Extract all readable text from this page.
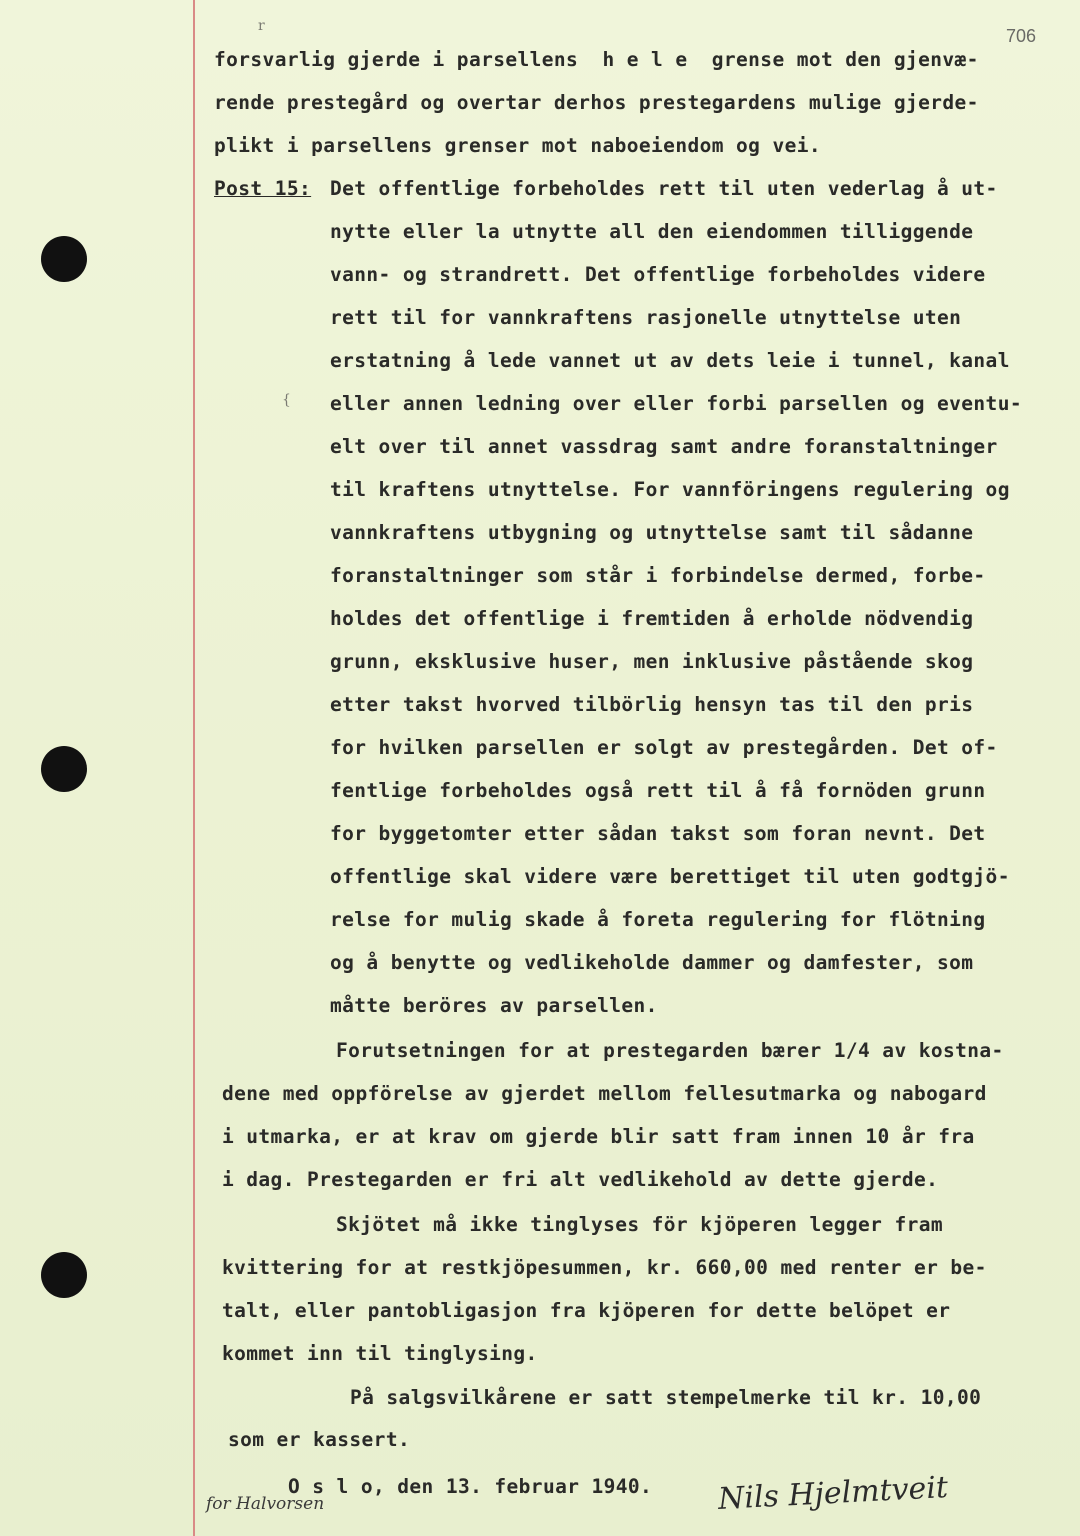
706
r
{
forsvarlig gjerde i parsellens  h e l e  grense mot den gjenvæ-
rende prestegård og overtar derhos prestegardens mulige gjerde-
plikt i parsellens grenser mot naboeiendom og vei.
Post 15: Det offentlige forbeholdes rett til uten vederlag å ut-
nytte eller la utnytte all den eiendommen tilliggende
vann- og strandrett. Det offentlige forbeholdes videre
rett til for vannkraftens rasjonelle utnyttelse uten
erstatning å lede vannet ut av dets leie i tunnel, kanal
eller annen ledning over eller forbi parsellen og eventu-
elt over til annet vassdrag samt andre foranstaltninger
til kraftens utnyttelse. For vannföringens regulering og
vannkraftens utbygning og utnyttelse samt til sådanne
foranstaltninger som står i forbindelse dermed, forbe-
holdes det offentlige i fremtiden å erholde nödvendig
grunn, eksklusive huser, men inklusive påstående skog
etter takst hvorved tilbörlig hensyn tas til den pris
for hvilken parsellen er solgt av prestegården. Det of-
fentlige forbeholdes også rett til å få fornöden grunn
for byggetomter etter sådan takst som foran nevnt. Det
offentlige skal videre være berettiget til uten godtgjö-
relse for mulig skade å foreta regulering for flötning
og å benytte og vedlikeholde dammer og damfester, som
måtte beröres av parsellen.
Forutsetningen for at prestegarden bærer 1/4 av kostna-
dene med oppförelse av gjerdet mellom fellesutmarka og nabogard
i utmarka, er at krav om gjerde blir satt fram innen 10 år fra
i dag. Prestegarden er fri alt vedlikehold av dette gjerde.
Skjötet må ikke tinglyses för kjöperen legger fram
kvittering for at restkjöpesummen, kr. 660,00 med renter er be-
talt, eller pantobligasjon fra kjöperen for dette belöpet er
kommet inn til tinglysing.
På salgsvilkårene er satt stempelmerke til kr. 10,00
som er kassert.
O s l o, den 13. februar 1940. Nils Hjelmtveit
for Halvorsen
